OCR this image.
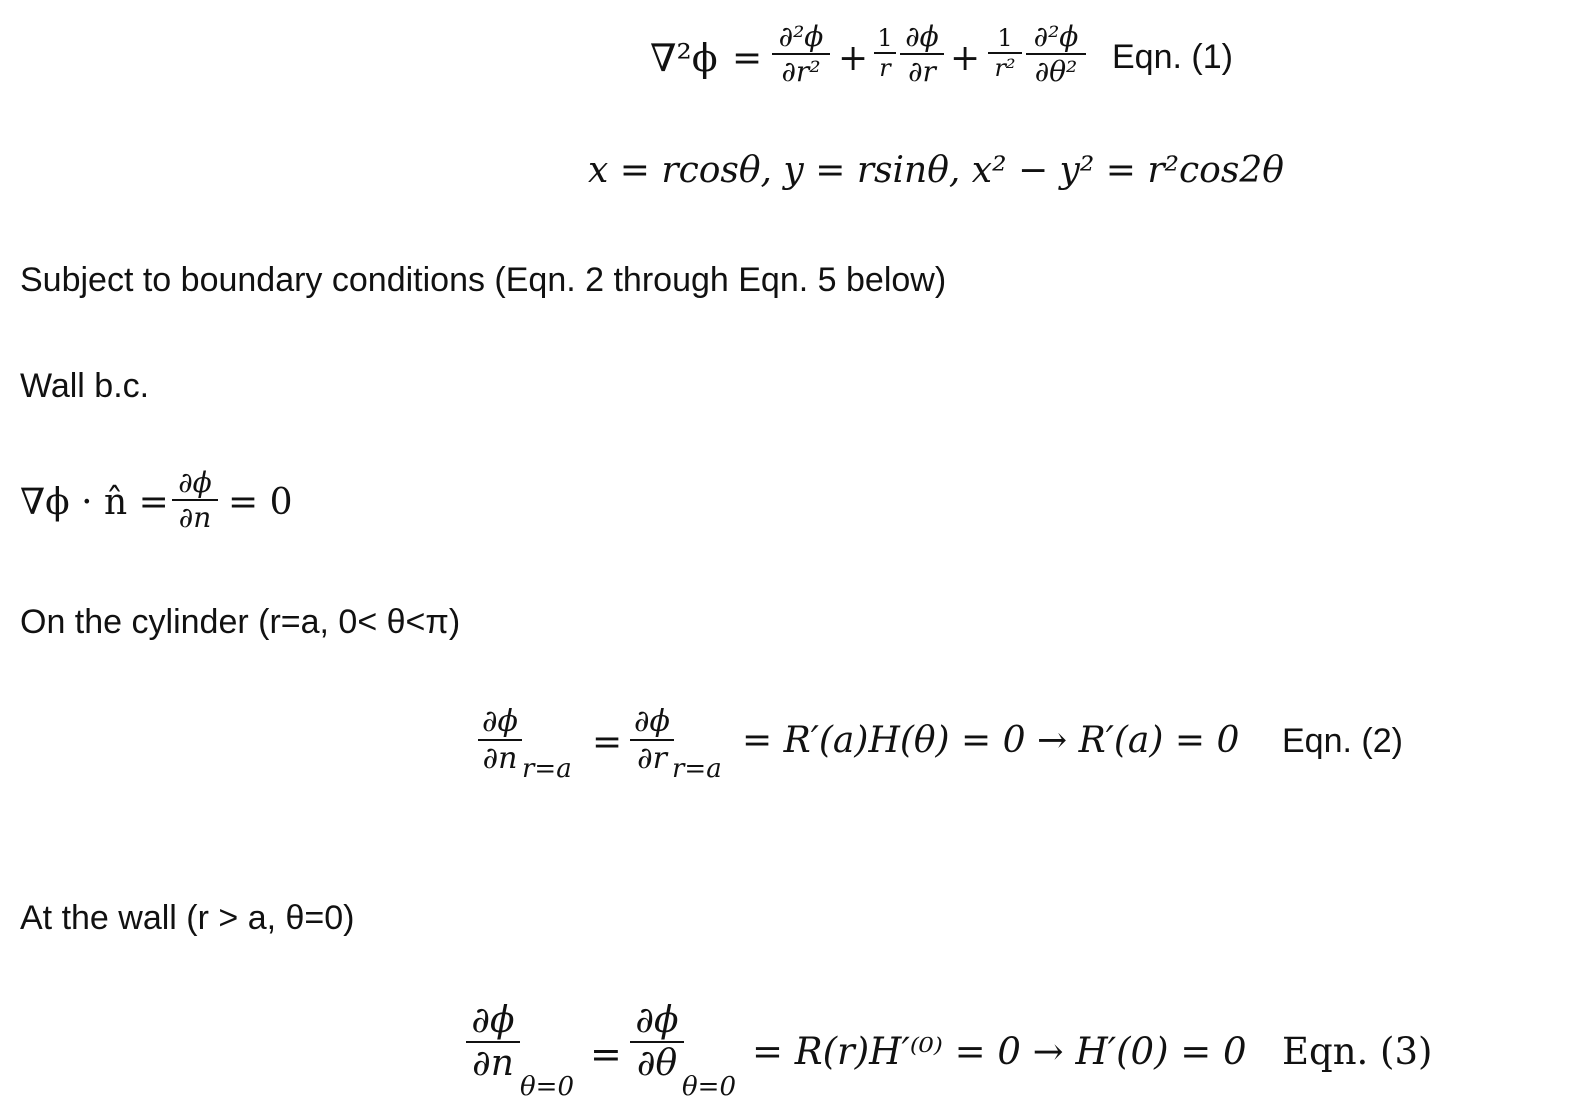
∇²ϕ =
∂²ϕ
∂r² + 1
r
∂ϕ
∂r + 1
r²
∂²ϕ
∂θ² Eqn. (1)
x = rcosθ, y = rsinθ, x² − y² = r²cos2θ
Subject to boundary conditions (Eqn. 2 through Eqn. 5 below)
Wall b.c.
∇ϕ · n̂ = ∂ϕ
∂n = 0
On the cylinder (r=a, 0< θ<π)
∂ϕ
∂n r=a
=
∂ϕ
∂r r=a
= R′(a)H(θ) = 0 → R′(a) = 0 Eqn. (2)
At the wall (r > a, θ=0)
∂ϕ
∂n
θ=0
=
∂ϕ
∂θ
θ=0
= R(r)H′⁽⁰⁾ = 0 → H′(0) = 0 Eqn. (3)
